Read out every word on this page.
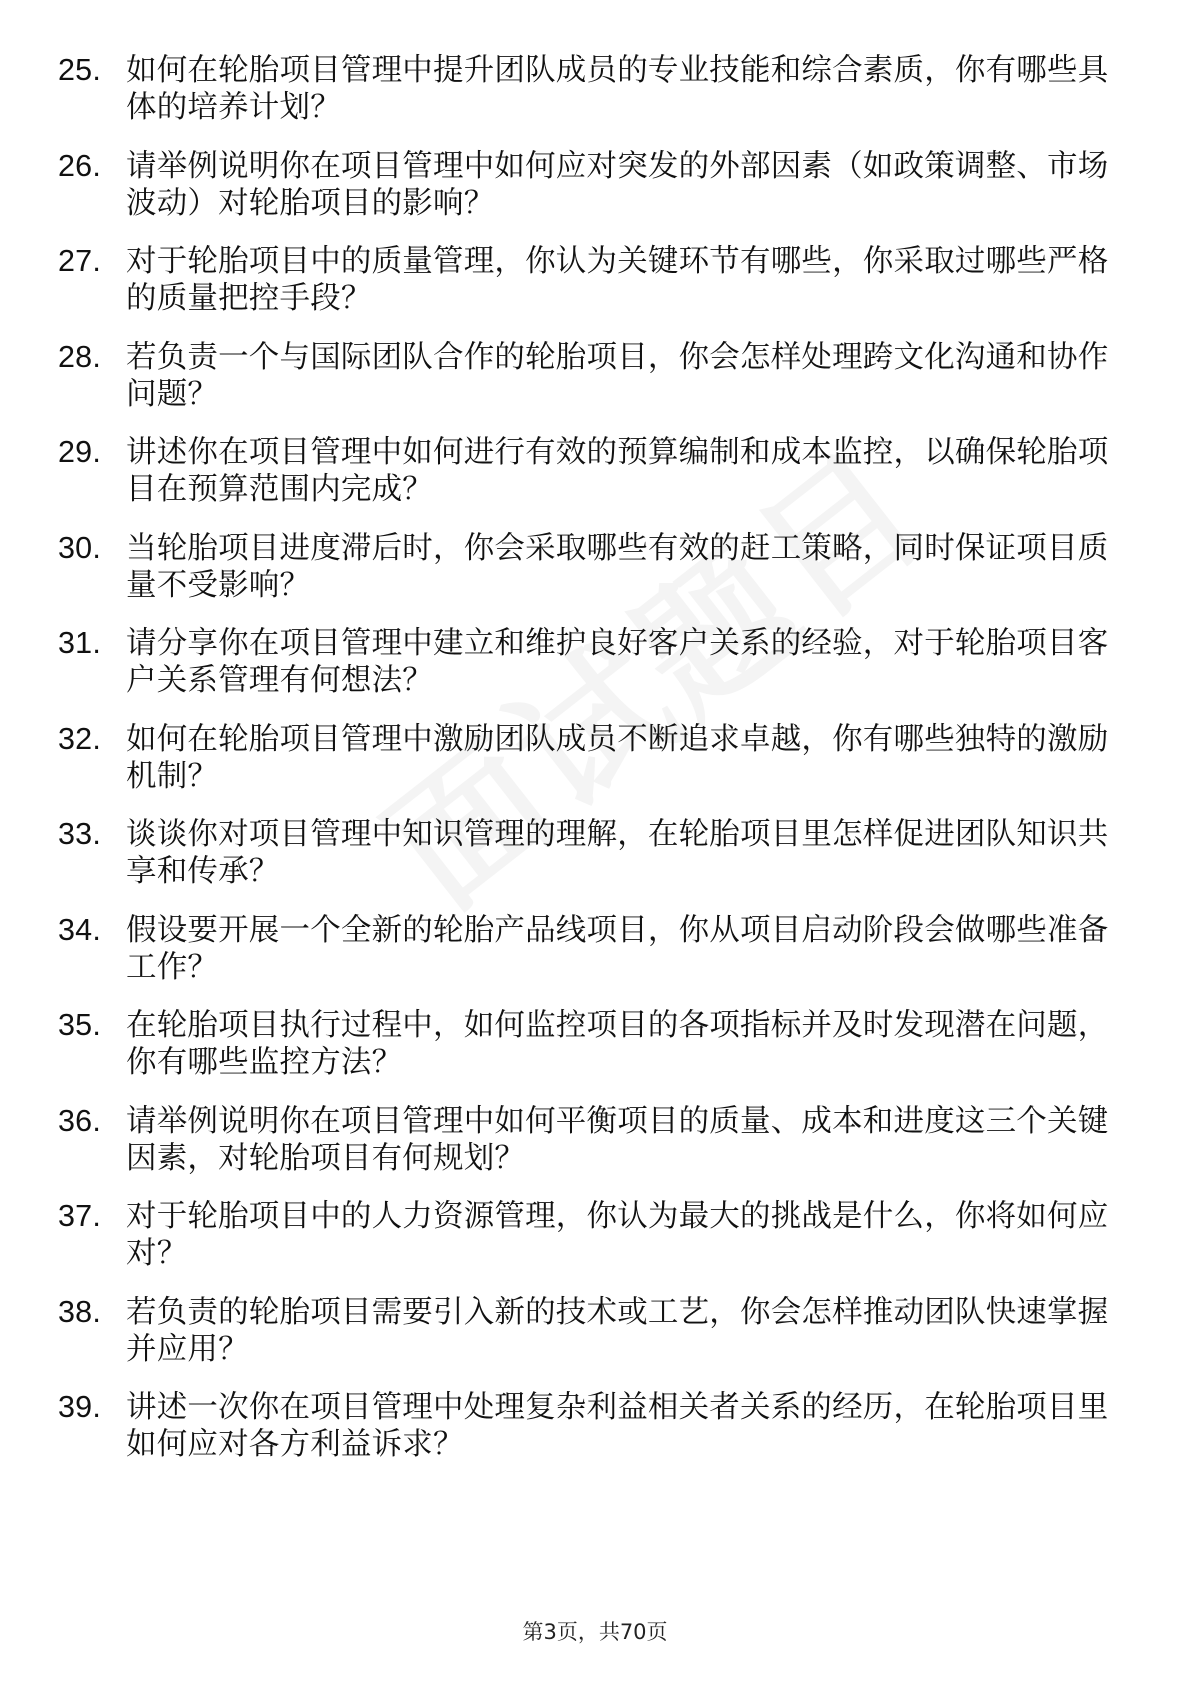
25. 如何在轮胎项目管理中提升团队成员的专业技能和综合素质，你有哪些具体的培养计划？
26. 请举例说明你在项目管理中如何应对突发的外部因素（如政策调整、市场波动）对轮胎项目的影响？
27. 对于轮胎项目中的质量管理，你认为关键环节有哪些，你采取过哪些严格的质量把控手段？
28. 若负责一个与国际团队合作的轮胎项目，你会怎样处理跨文化沟通和协作问题？
29. 讲述你在项目管理中如何进行有效的预算编制和成本监控，以确保轮胎项目在预算范围内完成？
30. 当轮胎项目进度滞后时，你会采取哪些有效的赶工策略，同时保证项目质量不受影响？
31. 请分享你在项目管理中建立和维护良好客户关系的经验，对于轮胎项目客户关系管理有何想法？
32. 如何在轮胎项目管理中激励团队成员不断追求卓越，你有哪些独特的激励机制？
33. 谈谈你对项目管理中知识管理的理解，在轮胎项目里怎样促进团队知识共享和传承？
34. 假设要开展一个全新的轮胎产品线项目，你从项目启动阶段会做哪些准备工作？
35. 在轮胎项目执行过程中，如何监控项目的各项指标并及时发现潜在问题，你有哪些监控方法？
36. 请举例说明你在项目管理中如何平衡项目的质量、成本和进度这三个关键因素，对轮胎项目有何规划？
37. 对于轮胎项目中的人力资源管理，你认为最大的挑战是什么，你将如何应对？
38. 若负责的轮胎项目需要引入新的技术或工艺，你会怎样推动团队快速掌握并应用？
39. 讲述一次你在项目管理中处理复杂利益相关者关系的经历，在轮胎项目里如何应对各方利益诉求？
第3页，共70页
